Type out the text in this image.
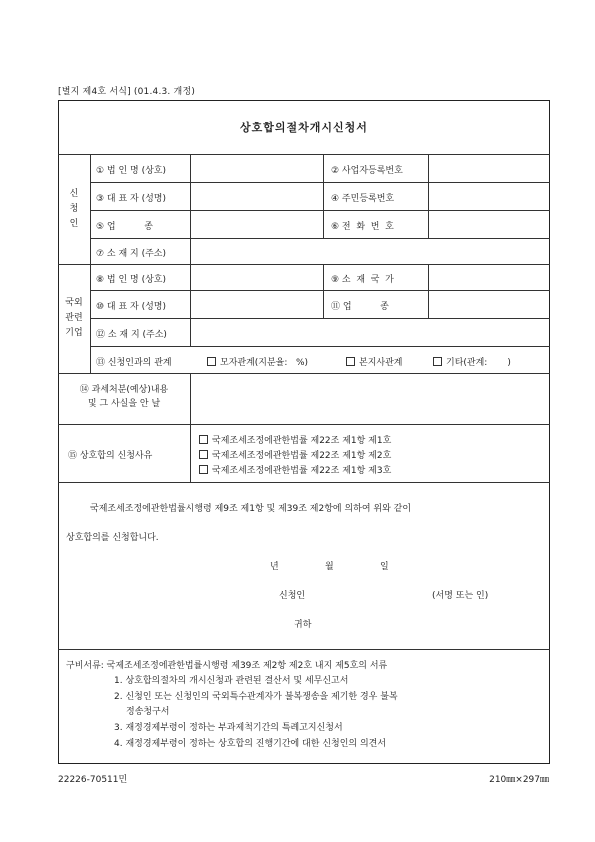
[별지 제4호 서식] (01.4.3. 개정)
상호합의절차개시신청서
신
청
인
① 법 인 명 (상호)	② 사업자등록번호
③ 대 표 자 (성명)	④ 주민등록번호
⑤ 업          종	⑥ 전  화  번  호
⑦ 소 재 지 (주소)
국외
관련
기업
⑧ 법 인 명 (상호)	⑨ 소  재  국  가
⑩ 대 표 자 (성명)	⑪ 업          종
⑫ 소 재 지 (주소)
⑬ 신청인과의 관계	모자관계(지분율:   %)	본지사관계	기타(관계:       )
⑭ 과세처분(예상)내용
및 그 사실을 안 날
⑮ 상호합의 신청사유
국제조세조정에관한법률 제22조 제1항 제1호
국제조세조정에관한법률 제22조 제1항 제2호
국제조세조정에관한법률 제22조 제1항 제3호
국제조세조정에관한법률시행령 제9조 제1항 및 제39조 제2항에 의하여 위와 같이
상호합의를 신청합니다.
년	월	일
신청인	(서명 또는 인)
귀하
구비서류: 국제조세조정에관한법률시행령 제39조 제2항 제2호 내지 제5호의 서류
1. 상호합의절차의 개시신청과 관련된 결산서 및 세무신고서
2. 신청인 또는 신청인의 국외특수관계자가 불복쟁송을 제기한 경우 불복
정송청구서
3. 재정경제부령이 정하는 부과제척기간의 특례고지신청서
4. 재정경제부령이 정하는 상호합의 진행기간에 대한 신청인의 의견서
22226-70511민	210㎜×297㎜
